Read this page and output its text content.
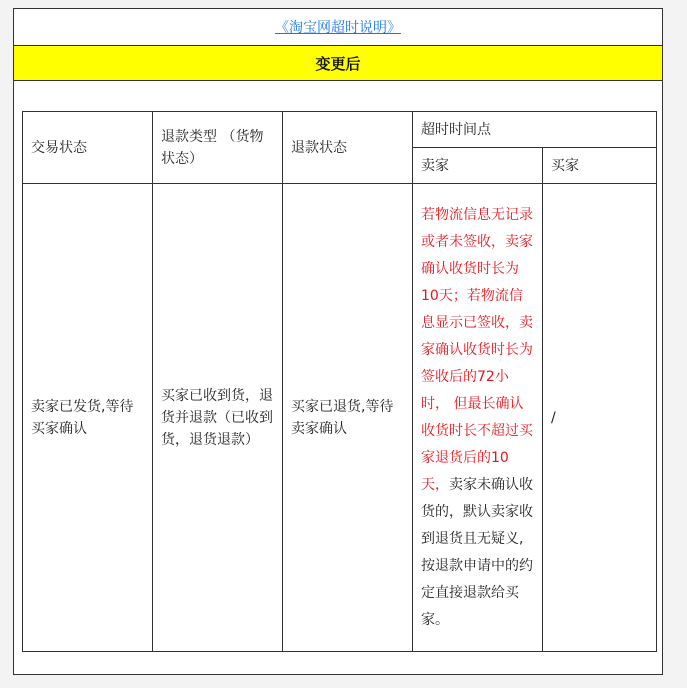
《淘宝网超时说明》
变更后
交易状态	退款类型 （货物状态）	退款状态	超时时间点	
			卖家	买家
卖家已发货,等待买家确认	买家已收到货，退货并退款（已收到货，退货退款）	买家已退货,等待卖家确认	若物流信息无记录或者未签收，卖家确认收货时长为10天；若物流信息显示已签收，卖家确认收货时长为签收后的72小时， 但最长确认收货时长不超过买家退货后的10天，卖家未确认收货的，默认卖家收到退货且无疑义,按退款申请中的约定直接退款给买家。	/
